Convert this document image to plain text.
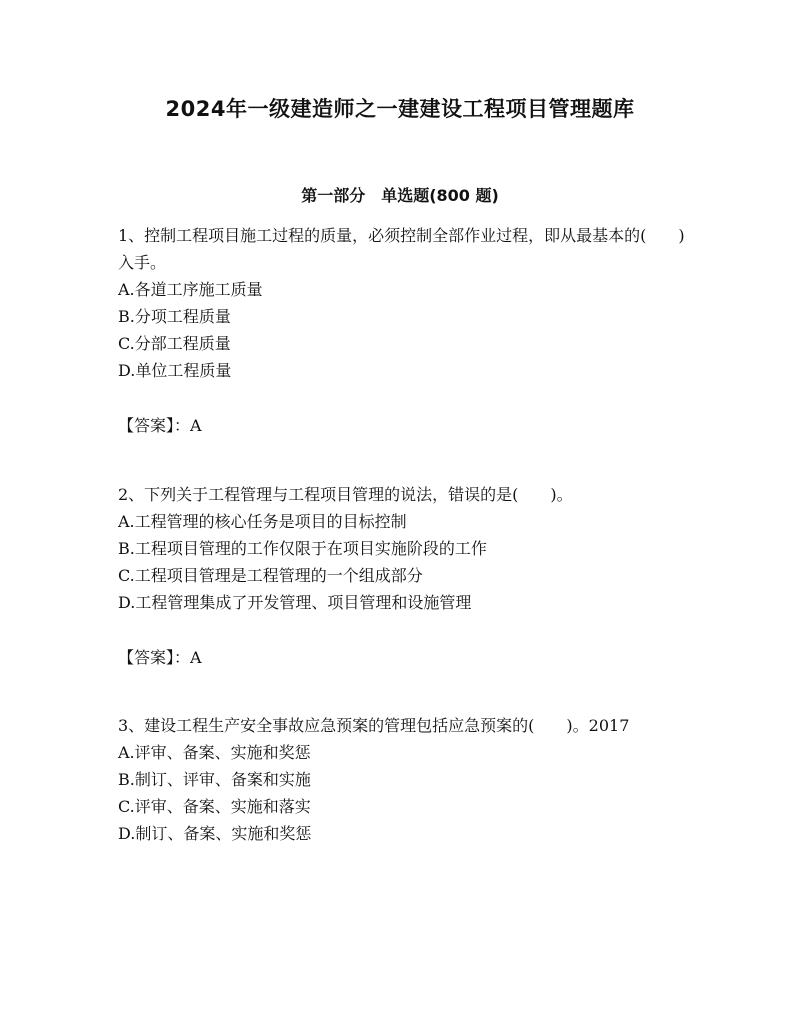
2024年一级建造师之一建建设工程项目管理题库
第一部分　单选题(800 题)

1、控制工程项目施工过程的质量，必须控制全部作业过程，即从最基本的(　　)入手。

A.各道工序施工质量

B.分项工程质量

C.分部工程质量

D.单位工程质量

【答案】：A

2、下列关于工程管理与工程项目管理的说法，错误的是(　　)。

A.工程管理的核心任务是项目的目标控制

B.工程项目管理的工作仅限于在项目实施阶段的工作

C.工程项目管理是工程管理的一个组成部分

D.工程管理集成了开发管理、项目管理和设施管理

【答案】：A

3、建设工程生产安全事故应急预案的管理包括应急预案的(　　)。2017

A.评审、备案、实施和奖惩

B.制订、评审、备案和实施

C.评审、备案、实施和落实

D.制订、备案、实施和奖惩
